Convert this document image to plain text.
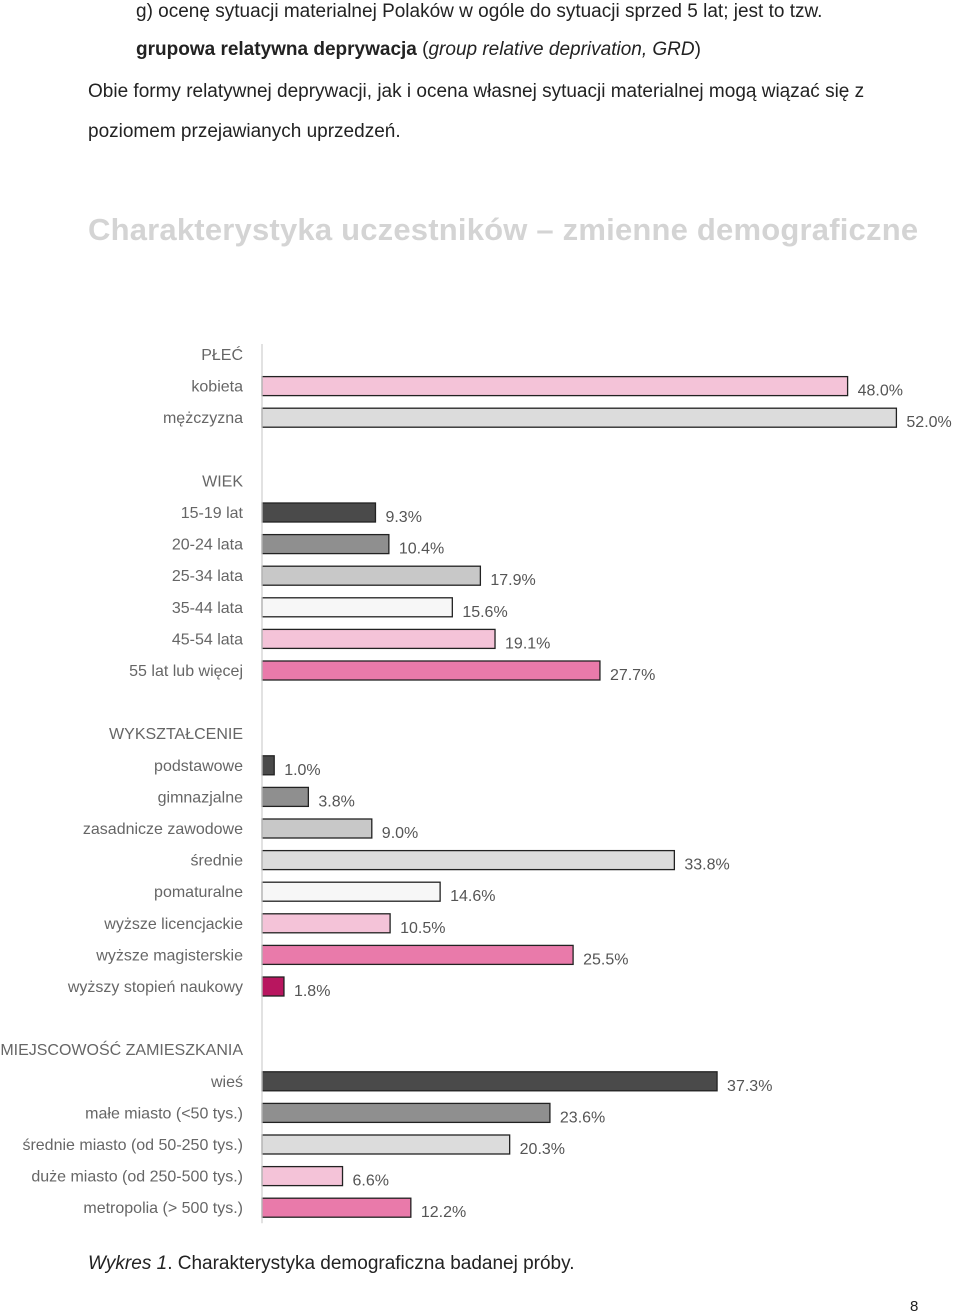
g) ocenę sytuacji materialnej Polaków w ogóle do sytuacji sprzed 5 lat; jest to tzw.
grupowa relatywna deprywacja (group relative deprivation, GRD)
Obie formy relatywnej deprywacji, jak i ocena własnej sytuacji materialnej mogą wiązać się z
poziomem przejawianych uprzedzeń.
Charakterystyka uczestników – zmienne demograficzne
PŁEĆ
kobieta	48.0%
mężczyzna	52.0%
WIEK
15-19 lat	9.3%
20-24 lata	10.4%
25-34 lata	17.9%
35-44 lata	15.6%
45-54 lata	19.1%
55 lat lub więcej	27.7%
WYKSZTAŁCENIE
podstawowe	1.0%
gimnazjalne	3.8%
zasadnicze zawodowe	9.0%
średnie	33.8%
pomaturalne	14.6%
wyższe licencjackie	10.5%
wyższe magisterskie	25.5%
wyższy stopień naukowy	1.8%
MIEJSCOWOŚĆ ZAMIESZKANIA
wieś	37.3%
małe miasto (<50 tys.)	23.6%
średnie miasto (od 50-250 tys.)	20.3%
duże miasto (od 250-500 tys.)	6.6%
metropolia (> 500 tys.)	12.2%
Wykres 1. Charakterystyka demograficzna badanej próby.
8
